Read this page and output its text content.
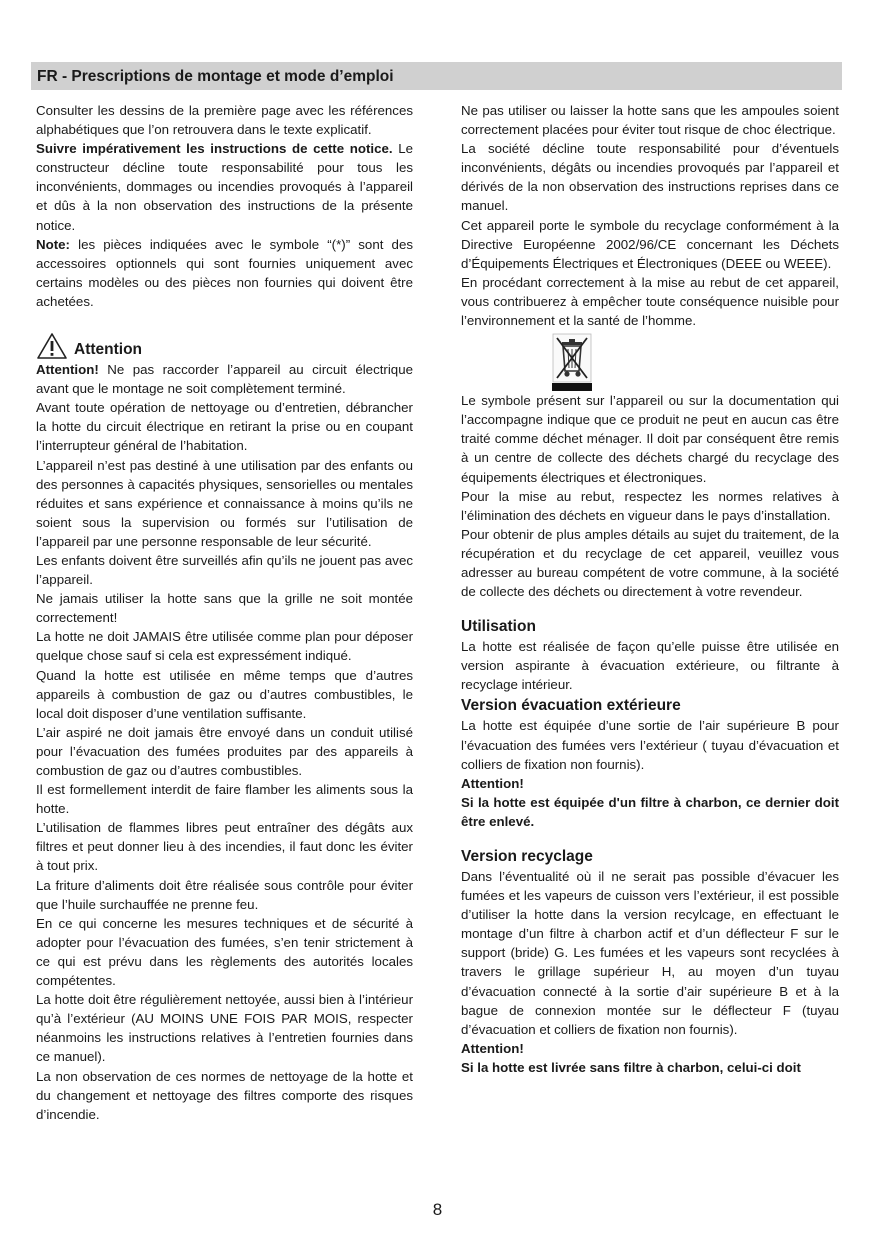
FR - Prescriptions de montage et mode d’emploi

Consulter les dessins de la première page avec les références alphabétiques que l’on retrouvera dans le texte explicatif.

Suivre impérativement les instructions de cette notice. Le constructeur décline toute responsabilité pour tous les inconvénients, dommages ou incendies provoqués à l’appareil et dûs à la non observation des instructions de la présente notice.

Note: les pièces indiquées avec le symbole “(*)” sont des accessoires optionnels qui sont fournies uniquement avec certains modèles ou des pièces non fournies qui doivent être achetées.

Attention

Attention! Ne pas raccorder l’appareil au circuit électrique avant que le montage ne soit complètement terminé.

Avant toute opération de nettoyage ou d’entretien, débrancher la hotte du circuit électrique en retirant la prise ou en coupant l’interrupteur général de l’habitation.

L’appareil n’est pas destiné à une utilisation par des enfants ou des personnes à capacités physiques, sensorielles ou mentales réduites et sans expérience et connaissance à moins qu’ils ne soient sous la supervision ou formés sur l’utilisation de l’appareil par une personne responsable de leur sécurité.

Les enfants doivent être surveillés afin qu’ils ne jouent pas avec l’appareil.

Ne jamais utiliser la hotte sans que la grille ne soit montée correctement!

La hotte ne doit JAMAIS être utilisée comme plan pour déposer quelque chose sauf si cela est expressément indiqué.

Quand la hotte est utilisée en même temps que d’autres appareils à combustion de gaz ou d’autres combustibles, le local doit disposer d’une ventilation suffisante.

L’air aspiré ne doit jamais être envoyé dans un conduit utilisé pour l’évacuation des fumées produites par des appareils à combustion de gaz ou d’autres combustibles.

Il est formellement interdit de faire flamber les aliments sous la hotte.

L’utilisation de flammes libres peut entraîner des dégâts aux filtres et peut donner lieu à des incendies, il faut donc les éviter à tout prix.

La friture d’aliments doit être réalisée sous contrôle pour éviter que l’huile surchauffée ne prenne feu.

En ce qui concerne les mesures techniques et de sécurité à adopter pour l’évacuation des fumées, s’en tenir strictement à ce qui est prévu dans les règlements des autorités locales compétentes.

La hotte doit être régulièrement nettoyée, aussi bien à l’intérieur qu’à l’extérieur (AU MOINS UNE FOIS PAR MOIS, respecter néanmoins les instructions relatives à l’entretien fournies dans ce manuel).

La non observation de ces normes de nettoyage de la hotte et du changement et nettoyage des filtres comporte des risques d’incendie.

Ne pas utiliser ou laisser la hotte sans que les ampoules soient correctement placées pour éviter tout risque de choc électrique.

La société décline toute responsabilité pour d’éventuels inconvénients, dégâts ou incendies provoqués par l’appareil et dérivés de la non observation des instructions reprises dans ce manuel.

Cet appareil porte le symbole du recyclage conformément à la Directive Européenne 2002/96/CE concernant les Déchets d’Équipements Électriques et Électroniques (DEEE ou WEEE).

En procédant correctement à la mise au rebut de cet appareil, vous contribuerez à empêcher toute conséquence nuisible pour l’environnement et la santé de l’homme.

Le symbole présent sur l’appareil ou sur la documentation qui l’accompagne indique que ce produit ne peut en aucun cas être traité comme déchet ménager. Il doit par conséquent être remis à un centre de collecte des déchets chargé du recyclage des équipements électriques et électroniques.

Pour la mise au rebut, respectez les normes relatives à l’élimination des déchets en vigueur dans le pays d’installation.

Pour obtenir de plus amples détails au sujet du traitement, de la récupération et du recyclage de cet appareil, veuillez vous adresser au bureau compétent de votre commune, à la société de collecte des déchets ou directement à votre revendeur.

Utilisation

La hotte est réalisée de façon qu’elle puisse être utilisée en version aspirante à évacuation extérieure, ou filtrante à recyclage intérieur.

Version évacuation extérieure

La hotte est équipée d’une sortie de l’air supérieure B pour l’évacuation des fumées vers l’extérieur ( tuyau d’évacuation et colliers de fixation non fournis).

Attention!

Si la hotte est équipée d'un filtre à charbon, ce dernier doit être enlevé.

Version recyclage

Dans l’éventualité où il ne serait pas possible d’évacuer les fumées et les vapeurs de cuisson vers l’extérieur, il est possible d’utiliser la hotte dans la version recylcage, en effectuant le montage d’un filtre à charbon actif et d’un déflecteur F sur le support (bride) G. Les fumées et les vapeurs sont recyclées à travers le grillage supérieur H, au moyen d’un tuyau d’évacuation connecté à la sortie d’air supérieure B et à la bague de connexion montée sur le déflecteur F (tuyau d’évacuation et colliers de fixation non fournis).

Attention!

Si la hotte est livrée sans filtre à charbon, celui-ci doit

8
